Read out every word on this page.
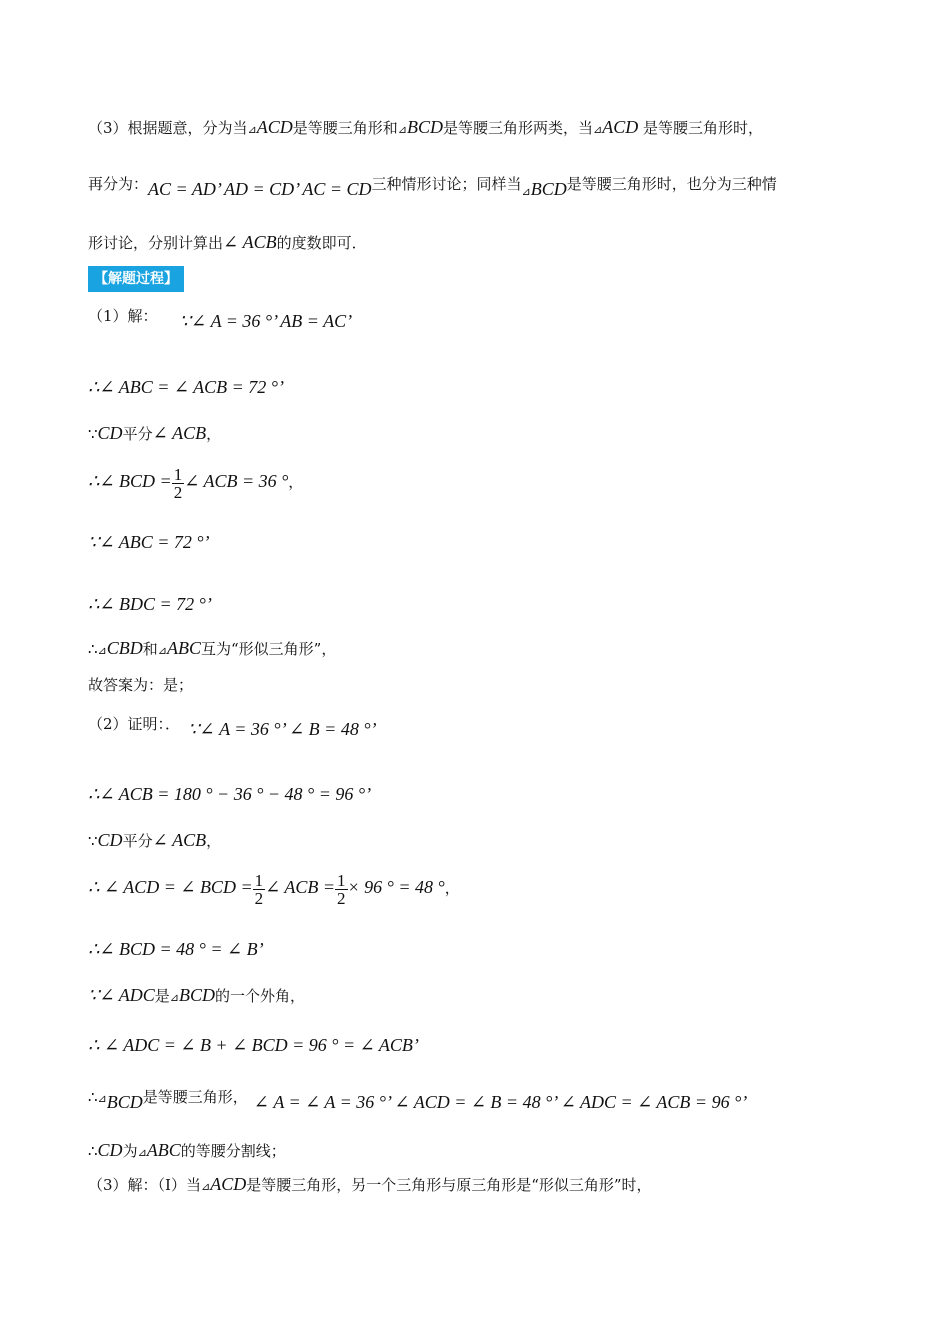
（3）根据题意，分为当⊿ACD是等腰三角形和⊿BCD是等腰三角形两类，当⊿ACD 是等腰三角形时，
再分为：AC = AD’ AD = CD’ AC = CD三种情形讨论；同样当$_⊿$BCD是等腰三角形时，也分为三种情
形讨论，分别计算出∠ ACB的度数即可．
【解题过程】
（1）解： ∵∠ A = 36 °’ AB = AC’
∴∠ ABC = ∠ ACB = 72 °’
∵CD平分∠ ACB，
∴∠ BCD = $\frac{1}{2}$ ∠ ACB = 36 °，
∵∠ ABC = 72 °’
∴∠ BDC = 72 °’
∴⊿CBD和⊿ABC互为“形似三角形”，
故答案为：是；
（2）证明：． ∵∠ A = 36 °’ ∠ B = 48 °’
∴∠ ACB = 180 ° − 36 ° − 48 ° = 96 °’
∵CD平分∠ ACB，
∴ ∠ ACD = ∠ BCD = $\frac{1}{2}$ ∠ ACB = $\frac{1}{2} \times 96$ ° = 48 °，
∴∠ BCD = 48 ° = ∠ B’
∵∠ ADC是⊿BCD的一个外角，
∴ ∠ ADC = ∠ B + ∠ BCD = 96 ° = ∠ ACB’
∴⊿BCD是等腰三角形， ∠ A = ∠ A = 36 °’ ∠ ACD = ∠ B = 48 °’ ∠ ADC = ∠ ACB = 96 °’
∴CD为⊿ABC的等腰分割线；
（3）解：（Ⅰ）当⊿ACD是等腰三角形，另一个三角形与原三角形是“形似三角形”时，
